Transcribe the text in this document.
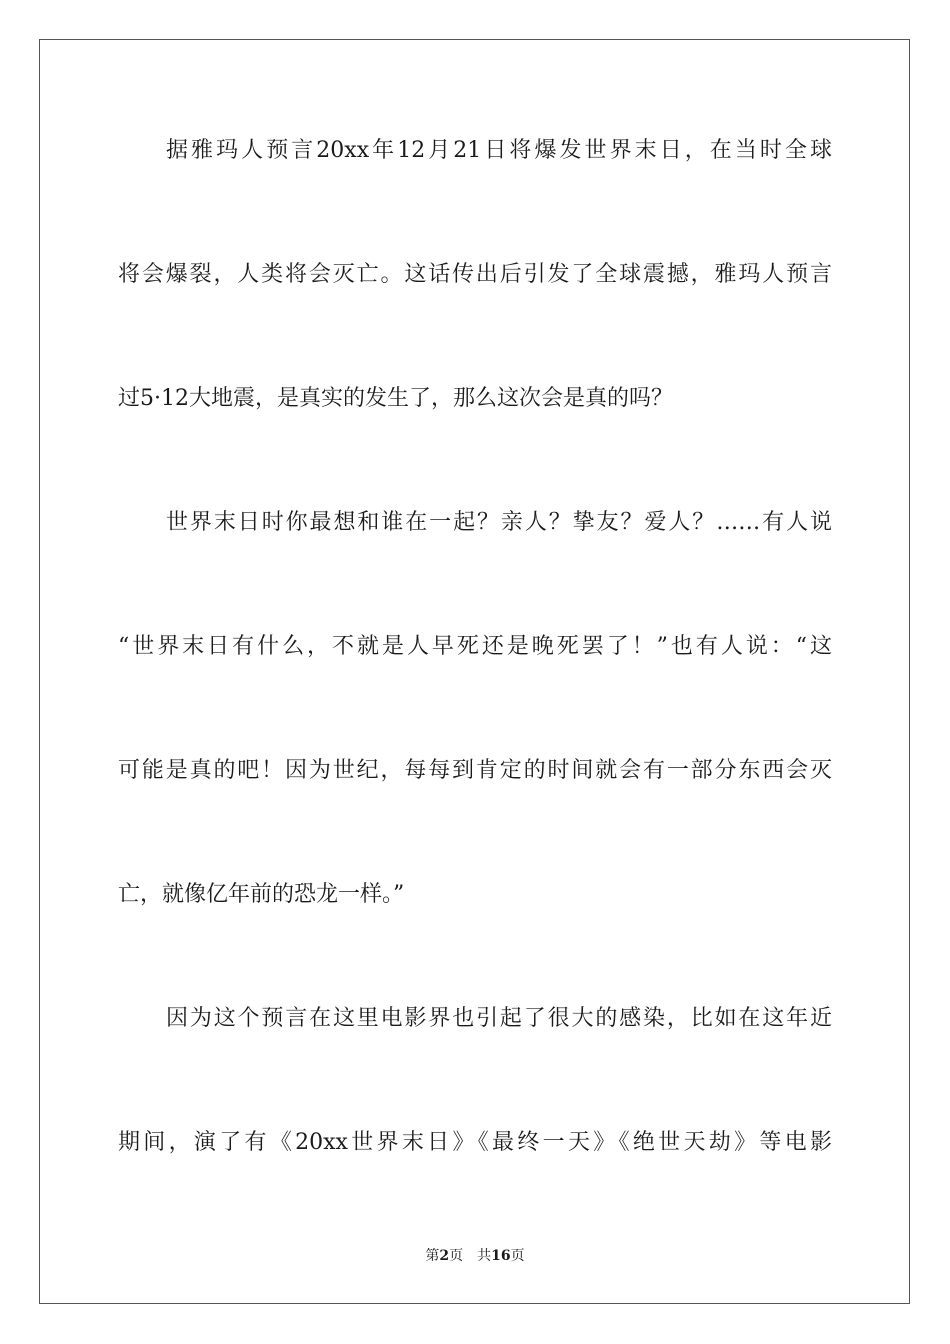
据雅玛人预言20xx年12月21日将爆发世界末日，在当时全球
将会爆裂，人类将会灭亡。这话传出后引发了全球震撼，雅玛人预言
过5·12大地震，是真实的发生了，那么这次会是真的吗？
世界末日时你最想和谁在一起？亲人？挚友？爱人？……有人说
“世界末日有什么，不就是人早死还是晚死罢了！”也有人说：“这
可能是真的吧！因为世纪，每每到肯定的时间就会有一部分东西会灭
亡，就像亿年前的恐龙一样。”
因为这个预言在这里电影界也引起了很大的感染，比如在这年近
期间，演了有《20xx世界末日》《最终一天》《绝世天劫》等电影
第2页 共16页
